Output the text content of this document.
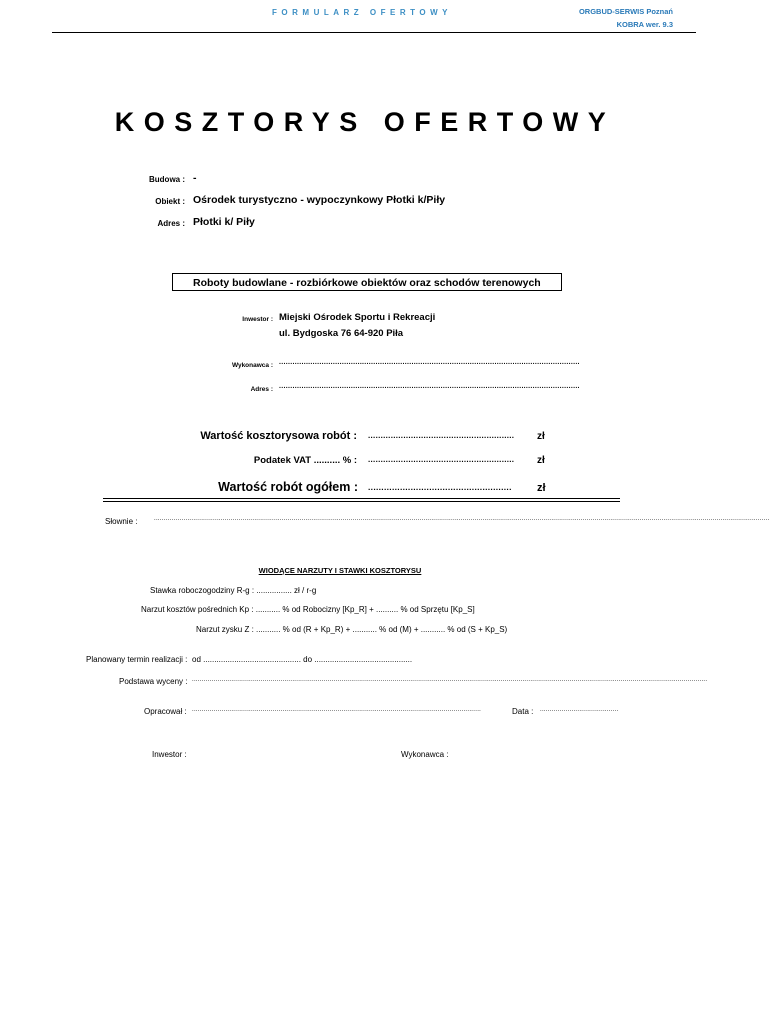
FORMULARZ OFERTOWY	ORGBUD-SERWIS Poznań
KOBRA wer. 9.3
KOSZTORYS OFERTOWY
Budowa : -
Obiekt : Ośrodek turystyczno - wypoczynkowy Płotki k/Piły
Adres : Płotki k/ Piły
Roboty budowlane - rozbiórkowe obiektów oraz schodów terenowych
Inwestor : Miejski Ośrodek Sportu i Rekreacji
ul. Bydgoska 76 64-920 Piła
Wykonawca : ......................................................................................................................................
Adres : ......................................................................................................................................
Wartość kosztorysowa robót : ..........................................................	zł
Podatek VAT .......... % : ..........................................................	zł
Wartość robót ogółem : ......................................................	zł
Słownie :	.........................................................................................................................................................................................................................................................................................................................
WIODĄCE NARZUTY I STAWKI KOSZTORYSU
Stawka roboczogodziny R-g : ................ zł / r-g
Narzut kosztów pośrednich Kp : ........... % od Robocizny [Kp_R] + .......... % od Sprzętu [Kp_S]
Narzut zysku Z : ........... % od (R + Kp_R) + ........... % od (M) + ........... % od (S + Kp_S)
Planowany termin realizacji : od ............................................ do ............................................
Podstawa wyceny : ......................................................................................................................................................................................................................................................................
Opracował : ...................................................................................................................................................	Data : ........................................
Inwestor :	Wykonawca :
